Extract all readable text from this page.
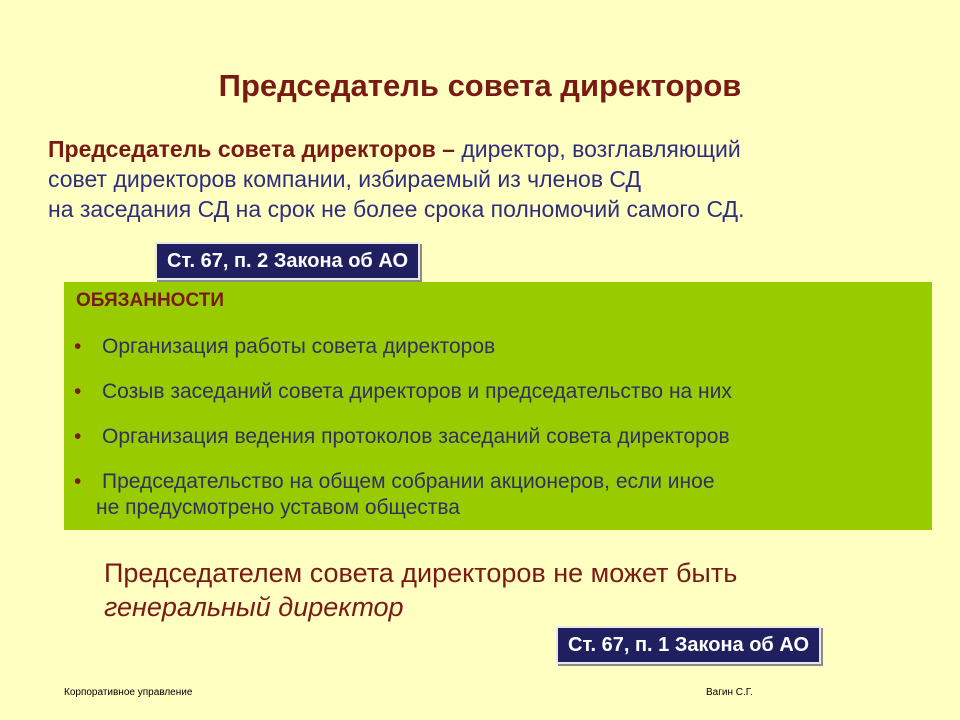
Председатель совета директоров
Председатель совета директоров – директор, возглавляющий
совет директоров компании, избираемый из членов СД
на заседания СД на срок не более срока полномочий самого СД.
Ст. 67, п. 2 Закона об АО
ОБЯЗАННОСТИ
• Организация работы совета директоров
• Созыв заседаний совета директоров и председательство на них
• Организация ведения протоколов заседаний совета директоров
• Председательство на общем собрании акционеров, если иное
не предусмотрено уставом общества
Председателем совета директоров не может быть
генеральный директор
Ст. 67, п. 1 Закона об АО
Корпоративное управление	Вагин С.Г.
